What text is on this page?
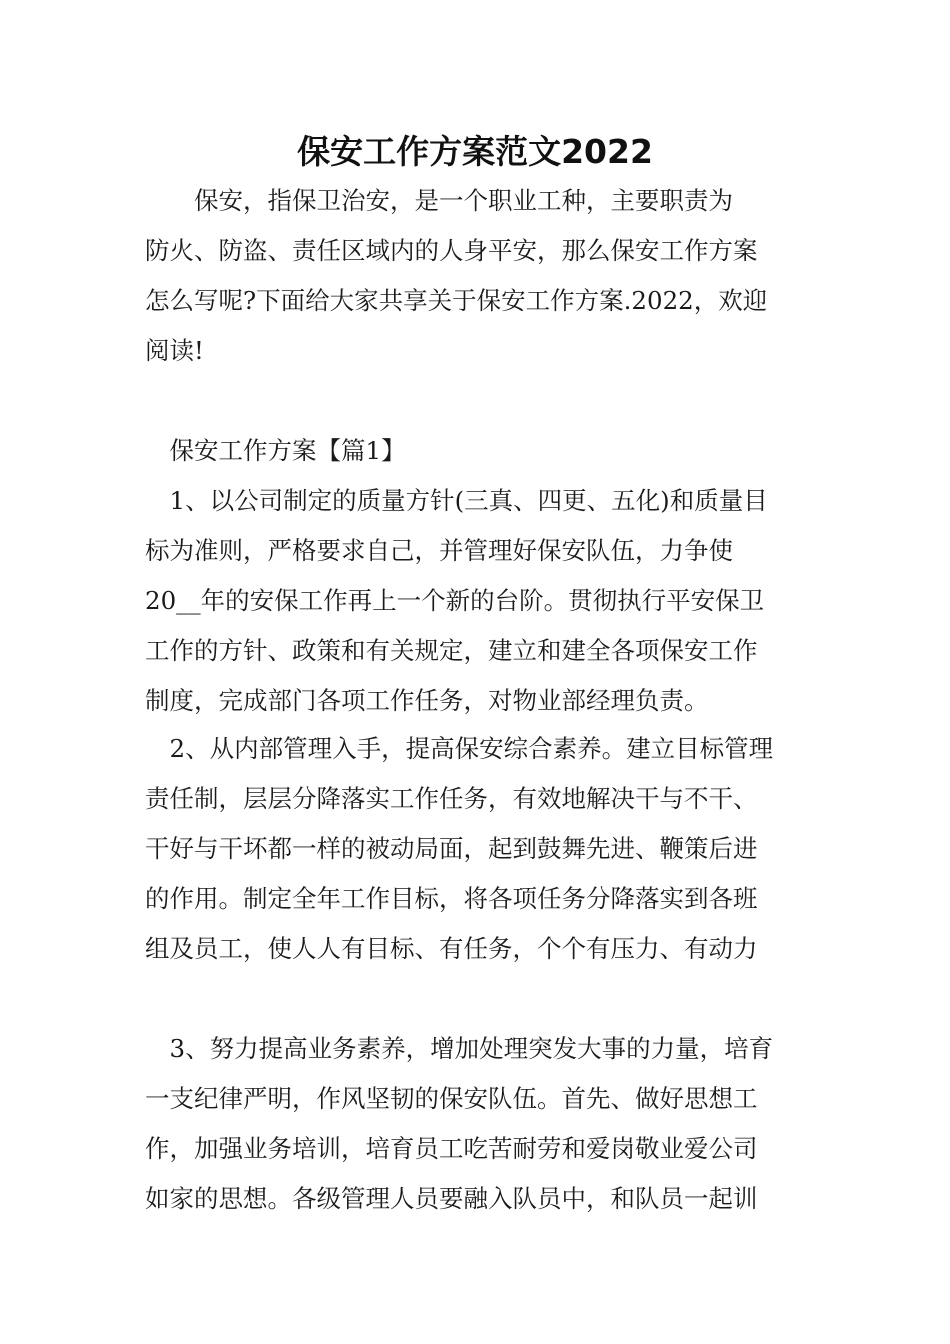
保安工作方案范文2022
　　保安，指保卫治安，是一个职业工种，主要职责为
防火、防盗、责任区域内的人身平安，那么保安工作方案
怎么写呢?下面给大家共享关于保安工作方案.2022，欢迎
阅读!
　保安工作方案【篇1】
　1、以公司制定的质量方针(三真、四更、五化)和质量目
标为准则，严格要求自己，并管理好保安队伍，力争使
20__年的安保工作再上一个新的台阶。贯彻执行平安保卫
工作的方针、政策和有关规定，建立和建全各项保安工作
制度，完成部门各项工作任务，对物业部经理负责。
　2、从内部管理入手，提高保安综合素养。建立目标管理
责任制，层层分降落实工作任务，有效地解决干与不干、
干好与干坏都一样的被动局面，起到鼓舞先进、鞭策后进
的作用。制定全年工作目标，将各项任务分降落实到各班
组及员工，使人人有目标、有任务，个个有压力、有动力
　3、努力提高业务素养，增加处理突发大事的力量，培育
一支纪律严明，作风坚韧的保安队伍。首先、做好思想工
作，加强业务培训，培育员工吃苦耐劳和爱岗敬业爱公司
如家的思想。各级管理人员要融入队员中，和队员一起训
